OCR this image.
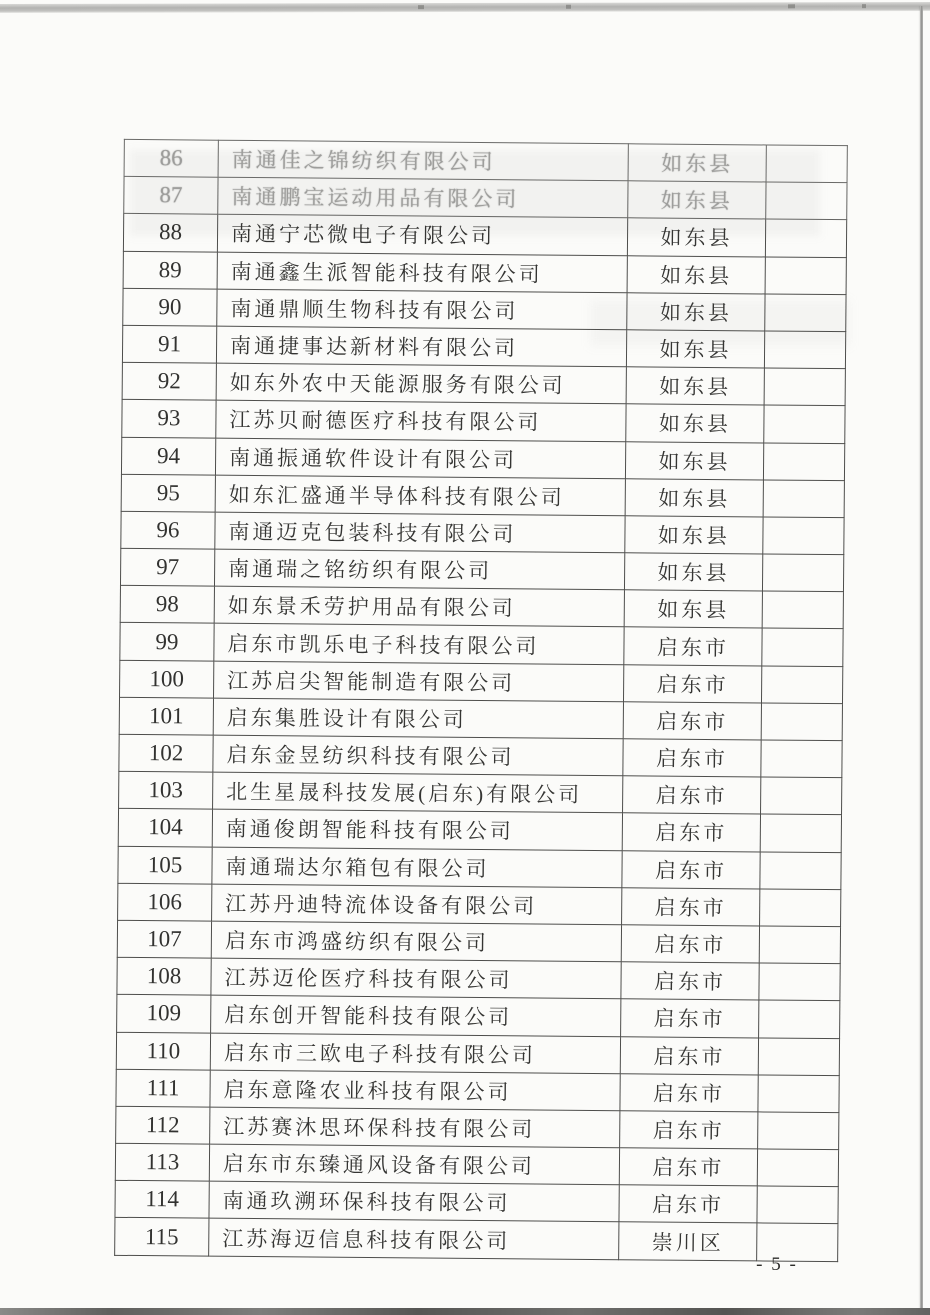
86	南通佳之锦纺织有限公司	如东县	
87	南通鹏宝运动用品有限公司	如东县	
88	南通宁芯微电子有限公司	如东县	
89	南通鑫生派智能科技有限公司	如东县	
90	南通鼎顺生物科技有限公司	如东县	
91	南通捷事达新材料有限公司	如东县	
92	如东外农中天能源服务有限公司	如东县	
93	江苏贝耐德医疗科技有限公司	如东县	
94	南通振通软件设计有限公司	如东县	
95	如东汇盛通半导体科技有限公司	如东县	
96	南通迈克包装科技有限公司	如东县	
97	南通瑞之铭纺织有限公司	如东县	
98	如东景禾劳护用品有限公司	如东县	
99	启东市凯乐电子科技有限公司	启东市	
100	江苏启尖智能制造有限公司	启东市	
101	启东集胜设计有限公司	启东市	
102	启东金昱纺织科技有限公司	启东市	
103	北生星晟科技发展(启东)有限公司	启东市	
104	南通俊朗智能科技有限公司	启东市	
105	南通瑞达尔箱包有限公司	启东市	
106	江苏丹迪特流体设备有限公司	启东市	
107	启东市鸿盛纺织有限公司	启东市	
108	江苏迈伦医疗科技有限公司	启东市	
109	启东创开智能科技有限公司	启东市	
110	启东市三欧电子科技有限公司	启东市	
111	启东意隆农业科技有限公司	启东市	
112	江苏赛沐思环保科技有限公司	启东市	
113	启东市东臻通风设备有限公司	启东市	
114	南通玖溯环保科技有限公司	启东市	
115	江苏海迈信息科技有限公司	崇川区	
- 5 -
